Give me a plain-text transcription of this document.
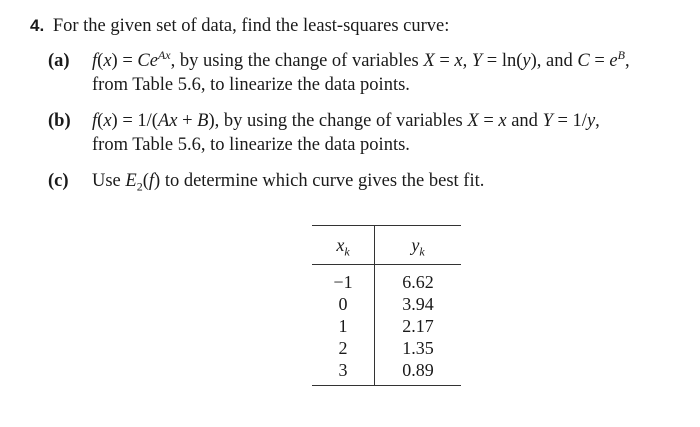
4. For the given set of data, find the least-squares curve:
(a) $f(x) = Ce^{Ax}$, by using the change of variables X = x, Y = ln(y), and $C = e^B$,
from Table 5.6, to linearize the data points.
(b) f(x) = 1/(Ax + B), by using the change of variables X = x and Y = 1/y,
from Table 5.6, to linearize the data points.
(c) Use $E_2(f)$ to determine which curve gives the best fit.
$x_k$	$y_k$
−1	6.62
0	3.94
1	2.17
2	1.35
3	0.89
